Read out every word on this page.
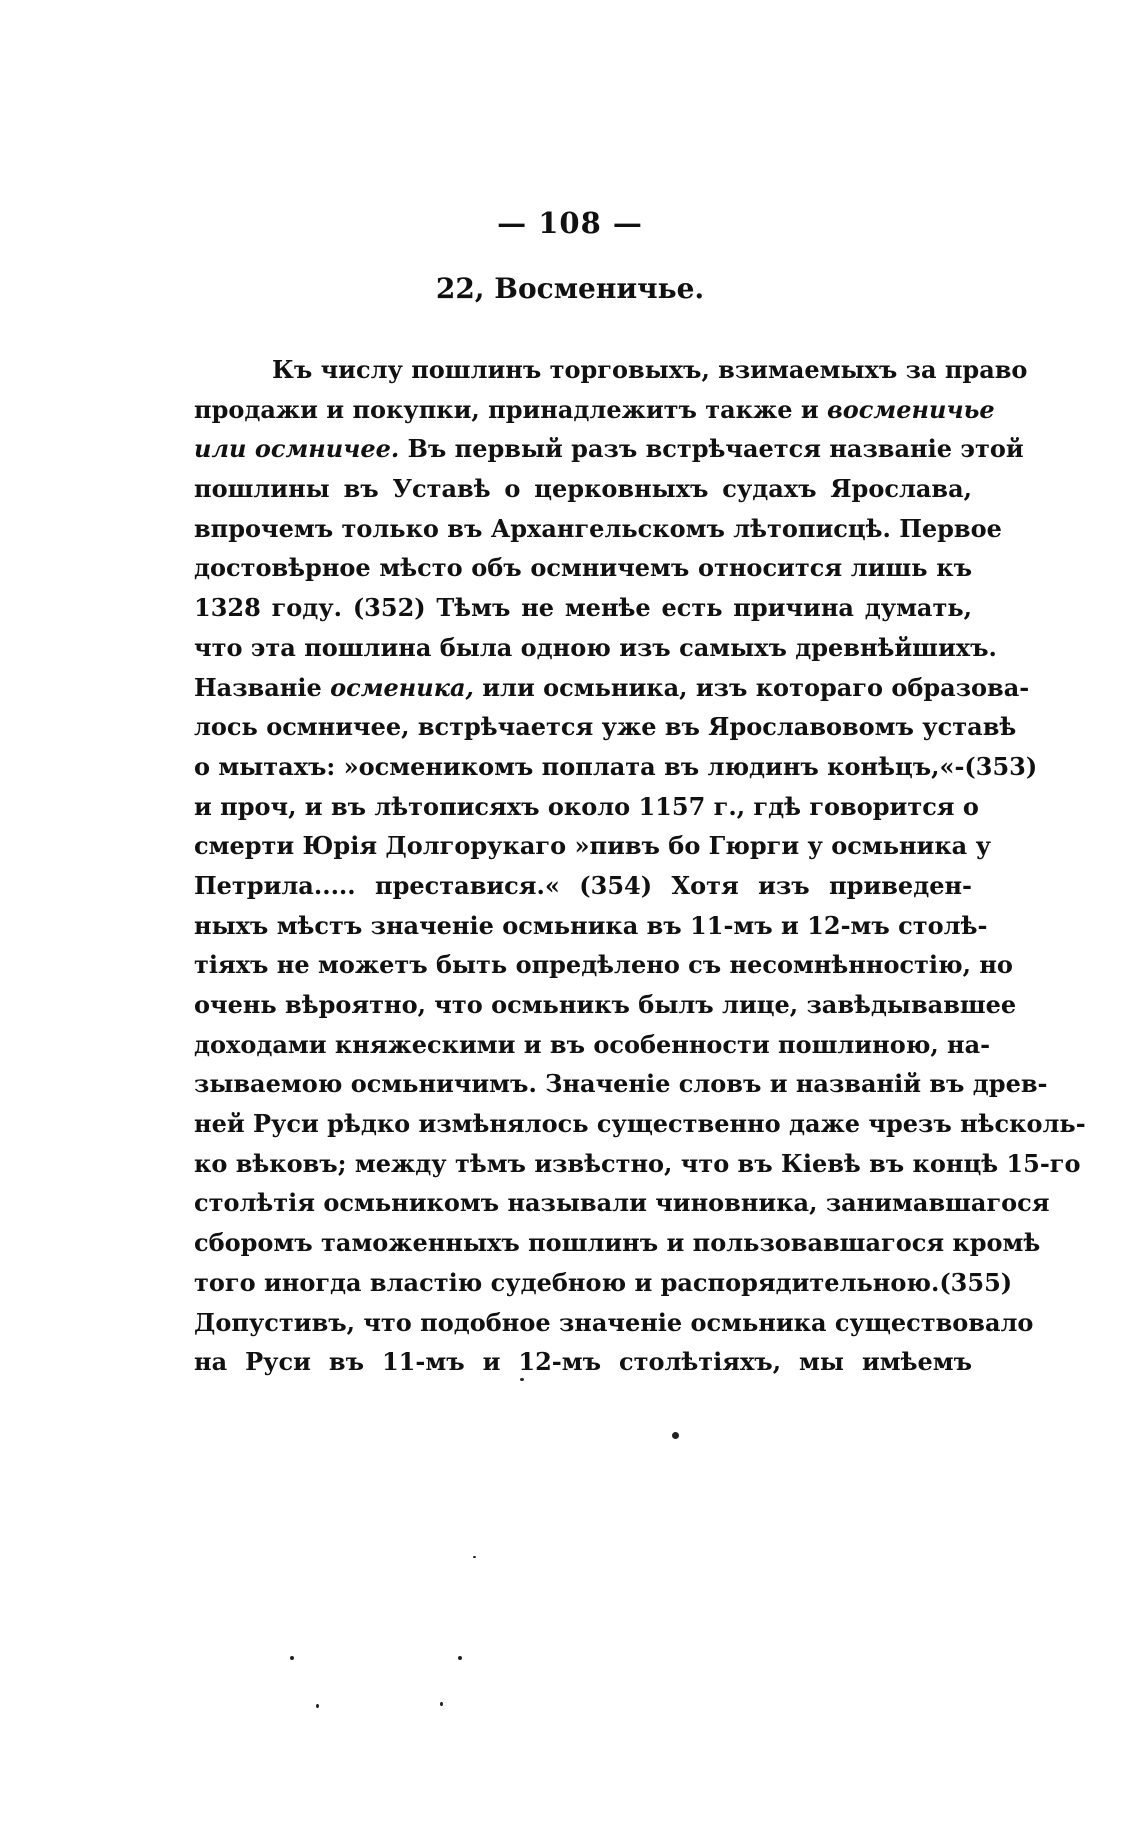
— 108 —
22, Восменичье.
Къ числу пошлинъ торговыхъ, взимаемыхъ за право
продажи и покупки, принадлежитъ также и восменичье
или осмничее. Въ первый разъ встрѣчается названіе этой
пошлины въ Уставѣ о церковныхъ судахъ Ярослава,
впрочемъ только въ Архангельскомъ лѣтописцѣ. Первое
достовѣрное мѣсто объ осмничемъ относится лишь къ
1328 году. (352) Тѣмъ не менѣе есть причина думать,
что эта пошлина была одною изъ самыхъ древнѣйшихъ.
Названіе осменика, или осмьника, изъ котораго образова-
лось осмничее, встрѣчается уже въ Ярославовомъ уставѣ
о мытахъ: »осменикомъ поплата въ людинъ конѣцъ,«-(353)
и проч, и въ лѣтописяхъ около 1157 г., гдѣ говорится о
смерти Юрія Долгорукаго »пивъ бо Гюрги у осмьника у
Петрила..... преставися.« (354) Хотя изъ приведен-
ныхъ мѣстъ значеніе осмьника въ 11-мъ и 12-мъ столѣ-
тіяхъ не можетъ быть опредѣлено съ несомнѣнностію, но
очень вѣроятно, что осмьникъ былъ лице, завѣдывавшее
доходами княжескими и въ особенности пошлиною, на-
зываемою осмьничимъ. Значеніе словъ и названій въ древ-
ней Руси рѣдко измѣнялось существенно даже чрезъ нѣсколь-
ко вѣковъ; между тѣмъ извѣстно, что въ Кіевѣ въ концѣ 15-го
столѣтія осмьникомъ называли чиновника, занимавшагося
сборомъ таможенныхъ пошлинъ и пользовавшагося кромѣ
того иногда властію судебною и распорядительною.(355)
Допустивъ, что подобное значеніе осмьника существовало
на Руси въ 11-мъ и 12-мъ столѣтіяхъ, мы имѣемъ
